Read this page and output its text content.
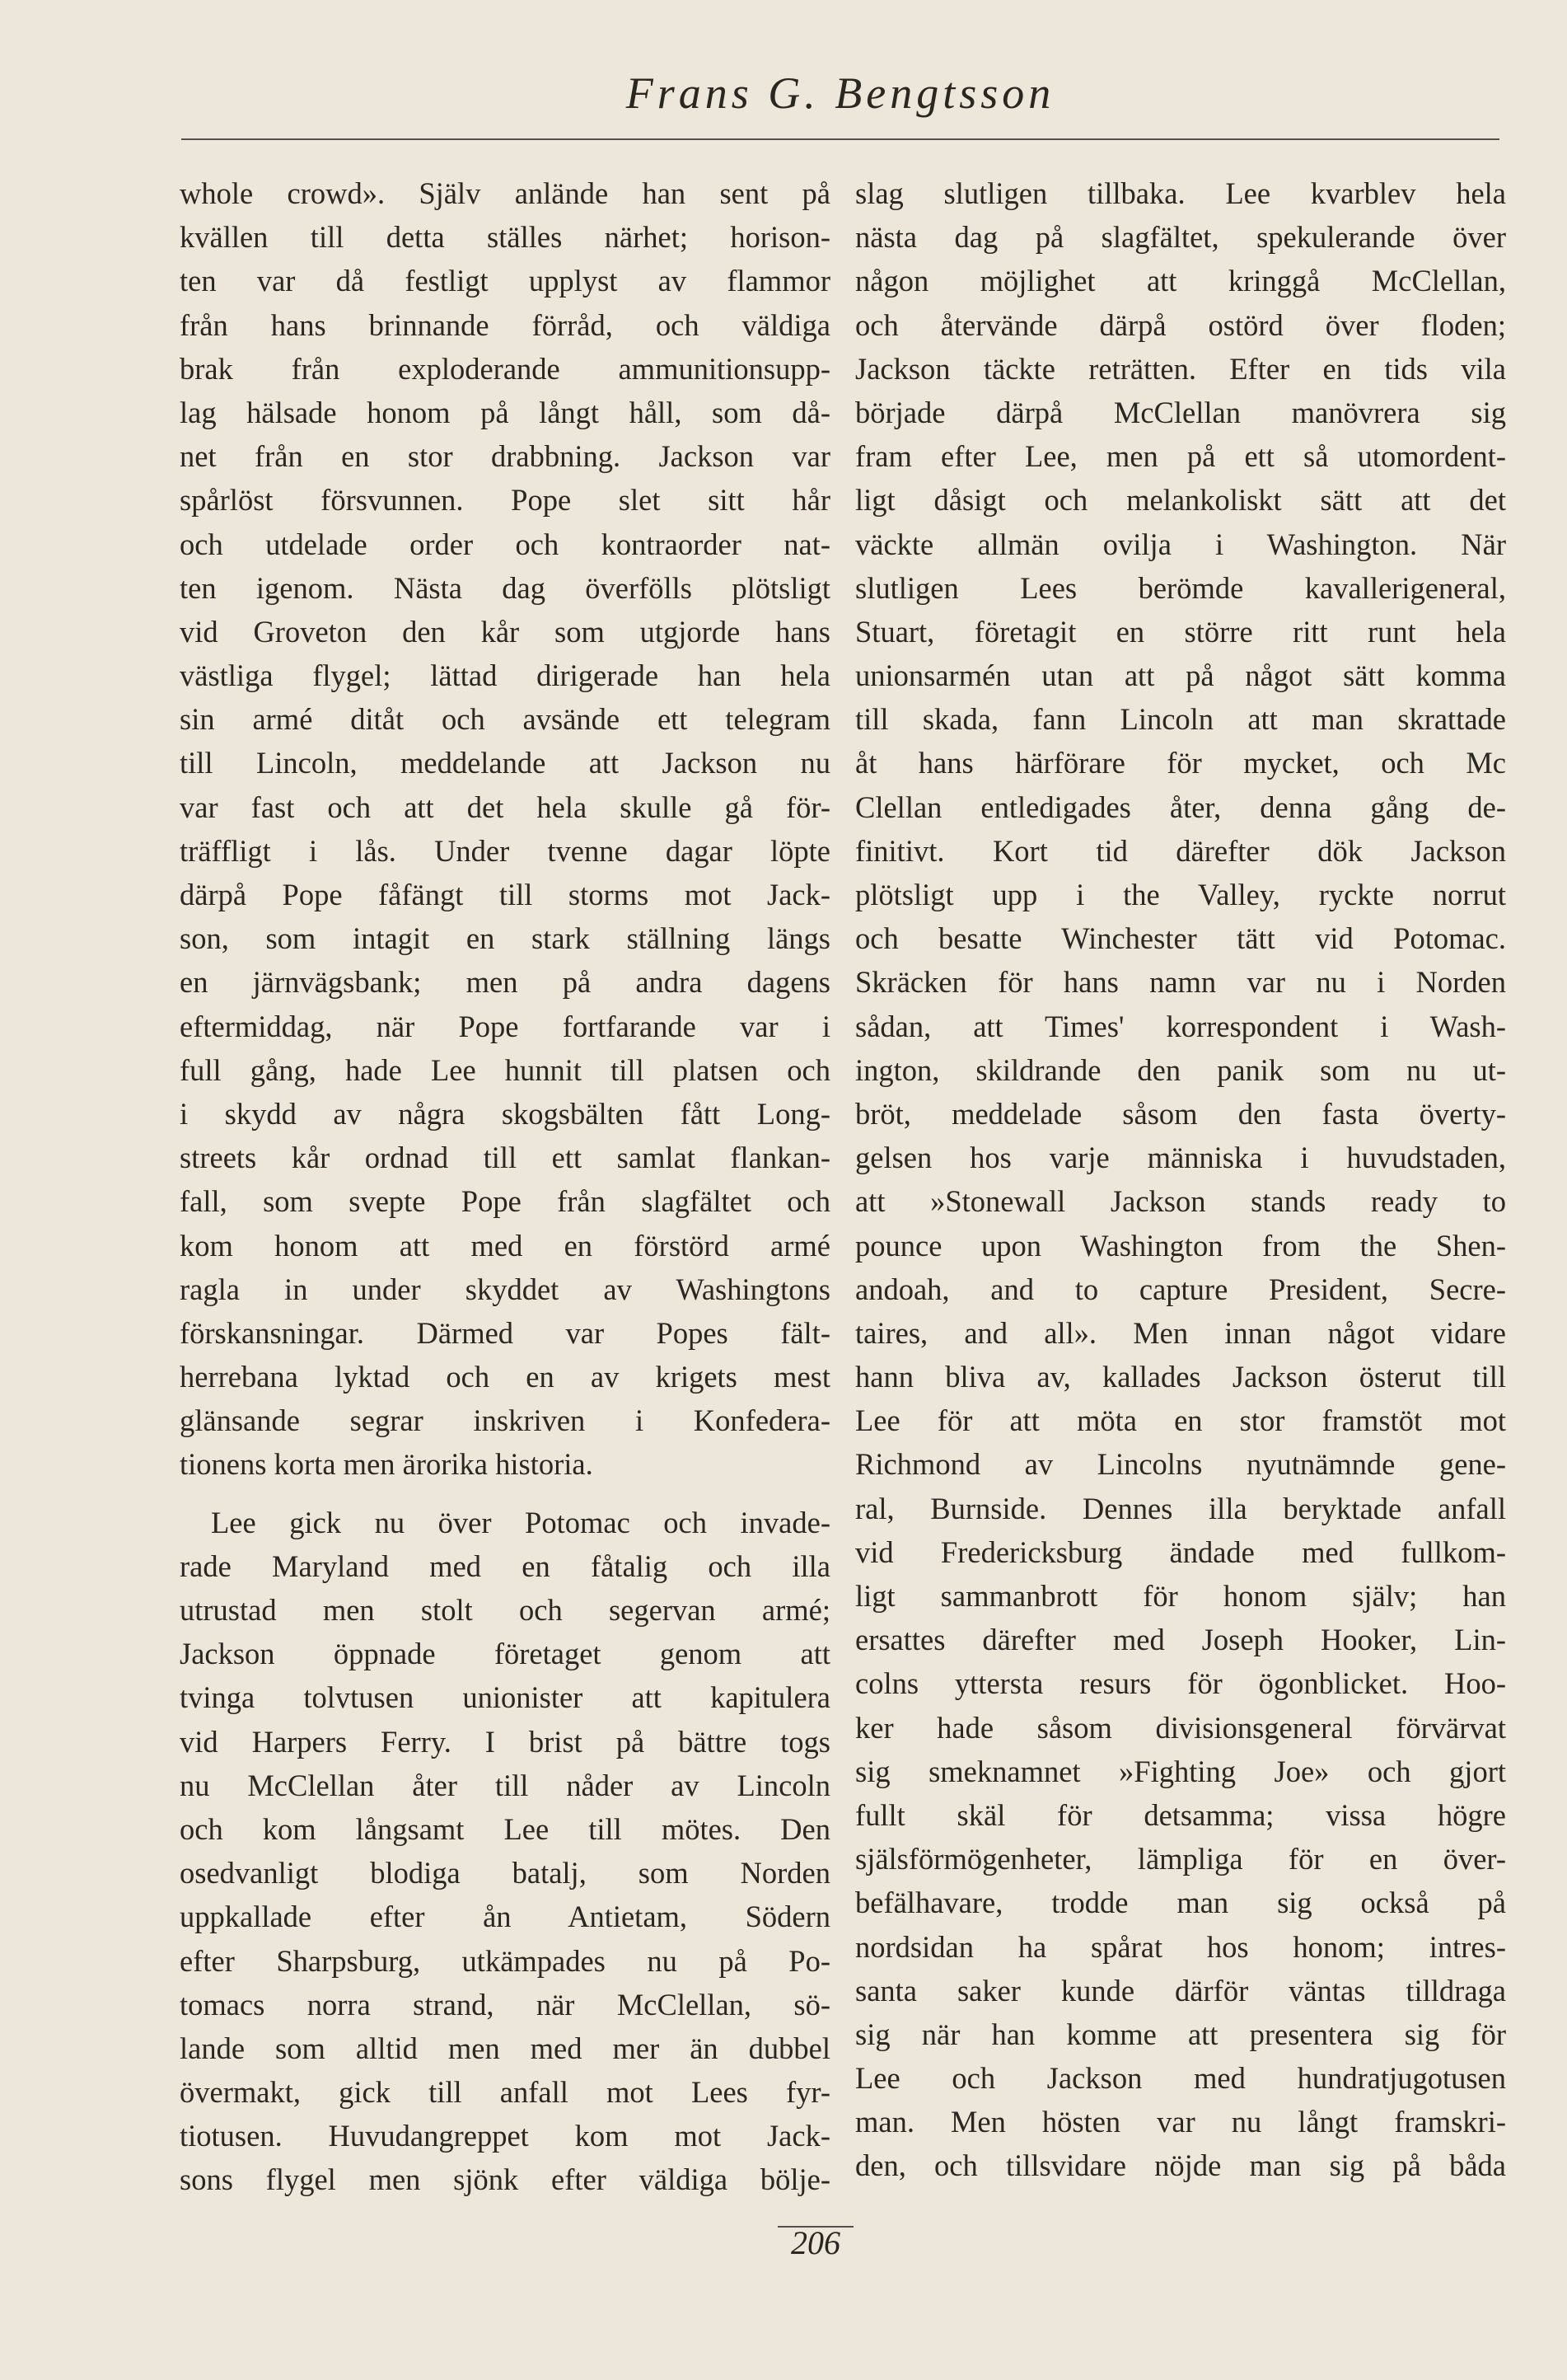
Frans G. Bengtsson
whole crowd». Själv anlände han sent på
kvällen till detta ställes närhet; horison-
ten var då festligt upplyst av flammor
från hans brinnande förråd, och väldiga
brak från exploderande ammunitionsupp-
lag hälsade honom på långt håll, som då-
net från en stor drabbning. Jackson var
spårlöst försvunnen. Pope slet sitt hår
och utdelade order och kontraorder nat-
ten igenom. Nästa dag överfölls plötsligt
vid Groveton den kår som utgjorde hans
västliga flygel; lättad dirigerade han hela
sin armé ditåt och avsände ett telegram
till Lincoln, meddelande att Jackson nu
var fast och att det hela skulle gå för-
träffligt i lås. Under tvenne dagar löpte
därpå Pope fåfängt till storms mot Jack-
son, som intagit en stark ställning längs
en järnvägsbank; men på andra dagens
eftermiddag, när Pope fortfarande var i
full gång, hade Lee hunnit till platsen och
i skydd av några skogsbälten fått Long-
streets kår ordnad till ett samlat flankan-
fall, som svepte Pope från slagfältet och
kom honom att med en förstörd armé
ragla in under skyddet av Washingtons
förskansningar. Därmed var Popes fält-
herrebana lyktad och en av krigets mest
glänsande segrar inskriven i Konfedera-
tionens korta men ärorika historia.
Lee gick nu över Potomac och invade-
rade Maryland med en fåtalig och illa
utrustad men stolt och segervan armé;
Jackson öppnade företaget genom att
tvinga tolvtusen unionister att kapitulera
vid Harpers Ferry. I brist på bättre togs
nu McClellan åter till nåder av Lincoln
och kom långsamt Lee till mötes. Den
osedvanligt blodiga batalj, som Norden
uppkallade efter ån Antietam, Södern
efter Sharpsburg, utkämpades nu på Po-
tomacs norra strand, när McClellan, sö-
lande som alltid men med mer än dubbel
övermakt, gick till anfall mot Lees fyr-
tiotusen. Huvudangreppet kom mot Jack-
sons flygel men sjönk efter väldiga bölje-
slag slutligen tillbaka. Lee kvarblev hela
nästa dag på slagfältet, spekulerande över
någon möjlighet att kringgå McClellan,
och återvände därpå ostörd över floden;
Jackson täckte reträtten. Efter en tids vila
började därpå McClellan manövrera sig
fram efter Lee, men på ett så utomordent-
ligt dåsigt och melankoliskt sätt att det
väckte allmän ovilja i Washington. När
slutligen Lees berömde kavallerigeneral,
Stuart, företagit en större ritt runt hela
unionsarmén utan att på något sätt komma
till skada, fann Lincoln att man skrattade
åt hans härförare för mycket, och Mc
Clellan entledigades åter, denna gång de-
finitivt. Kort tid därefter dök Jackson
plötsligt upp i the Valley, ryckte norrut
och besatte Winchester tätt vid Potomac.
Skräcken för hans namn var nu i Norden
sådan, att Times' korrespondent i Wash-
ington, skildrande den panik som nu ut-
bröt, meddelade såsom den fasta överty-
gelsen hos varje människa i huvudstaden,
att »Stonewall Jackson stands ready to
pounce upon Washington from the Shen-
andoah, and to capture President, Secre-
taires, and all». Men innan något vidare
hann bliva av, kallades Jackson österut till
Lee för att möta en stor framstöt mot
Richmond av Lincolns nyutnämnde gene-
ral, Burnside. Dennes illa beryktade anfall
vid Fredericksburg ändade med fullkom-
ligt sammanbrott för honom själv; han
ersattes därefter med Joseph Hooker, Lin-
colns yttersta resurs för ögonblicket. Hoo-
ker hade såsom divisionsgeneral förvärvat
sig smeknamnet »Fighting Joe» och gjort
fullt skäl för detsamma; vissa högre
själsförmögenheter, lämpliga för en över-
befälhavare, trodde man sig också på
nordsidan ha spårat hos honom; intres-
santa saker kunde därför väntas tilldraga
sig när han komme att presentera sig för
Lee och Jackson med hundratjugotusen
man. Men hösten var nu långt framskri-
den, och tillsvidare nöjde man sig på båda
206
